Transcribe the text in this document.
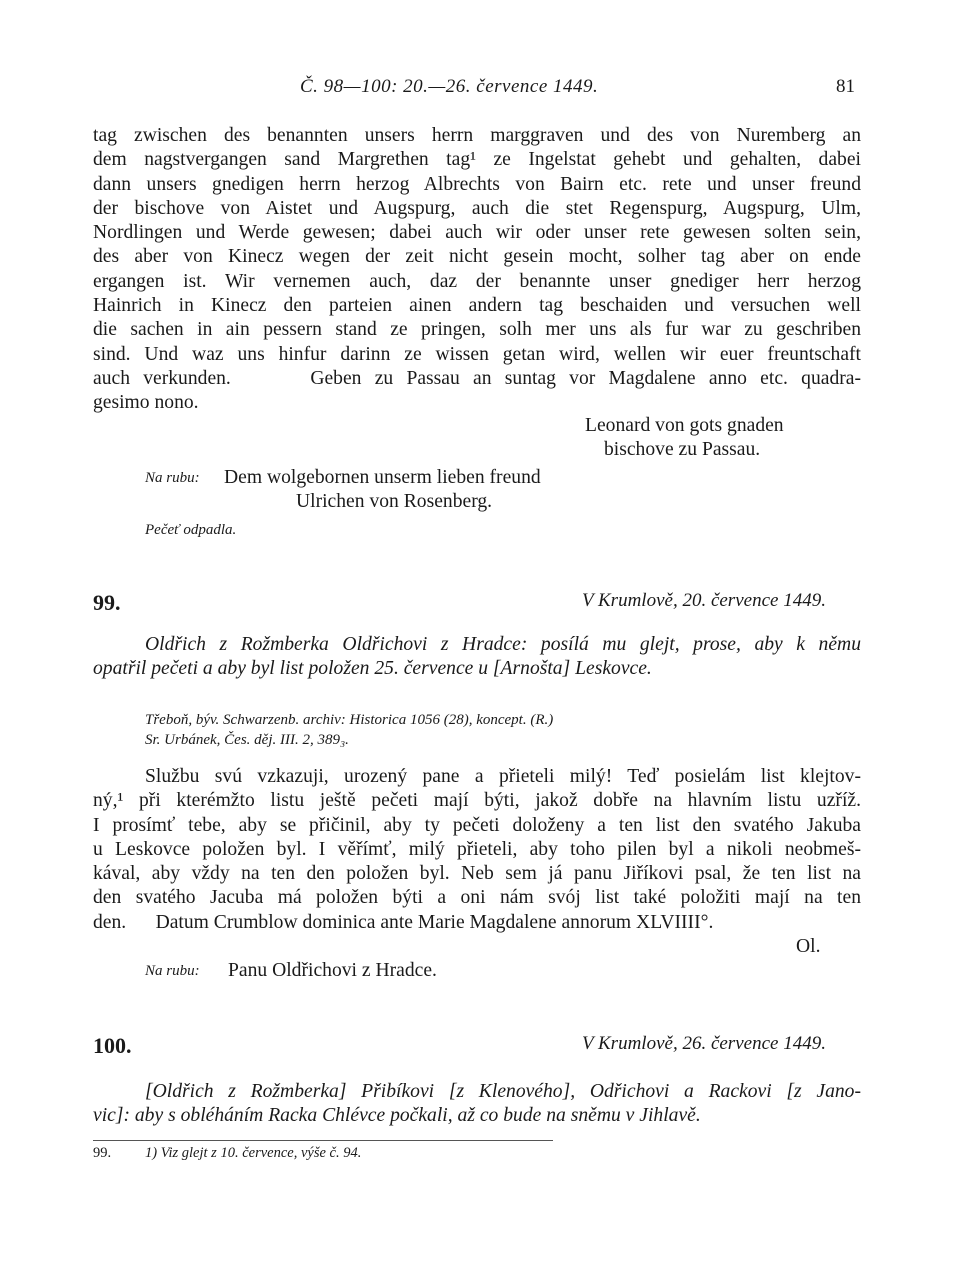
Č. 98—100: 20.—26. července 1449.	81
tag zwischen des benannten unsers herrn marggraven und des von Nuremberg an
dem nagstvergangen sand Margrethen tag¹ ze Ingelstat gehebt und gehalten, dabei
dann unsers gnedigen herrn herzog Albrechts von Bairn etc. rete und unser freund
der bischove von Aistet und Augspurg, auch die stet Regenspurg, Augspurg, Ulm,
Nordlingen und Werde gewesen; dabei auch wir oder unser rete gewesen solten sein,
des aber von Kinecz wegen der zeit nicht gesein mocht, solher tag aber on ende
ergangen ist. Wir vernemen auch, daz der benannte unser gnediger herr herzog
Hainrich in Kinecz den parteien ainen andern tag beschaiden und versuchen well
die sachen in ain pessern stand ze pringen, solh mer uns als fur war zu geschriben
sind. Und waz uns hinfur darinn ze wissen getan wird, wellen wir euer freuntschaft
auch verkunden.      Geben zu Passau an suntag vor Magdalene anno etc. quadra-
gesimo nono.
Leonard von gots gnaden
bischove zu Passau.
Na rubu: Dem wolgebornen unserm lieben freund
Ulrichen von Rosenberg.
Pečeť odpadla.
99.	V Krumlově, 20. července 1449.
Oldřich z Rožmberka Oldřichovi z Hradce: posílá mu glejt, prose, aby k němu
opatřil pečeti a aby byl list položen 25. července u [Arnošta] Leskovce.
Třeboň, býv. Schwarzenb. archiv: Historica 1056 (28), koncept. (R.)
Sr. Urbánek, Čes. děj. III. 2, 389₃.
Službu svú vzkazuji, urozený pane a přieteli milý! Teď posielám list klejtov-
ný,¹ při kterémžto listu ještě pečeti mají býti, jakož dobře na hlavním listu uzříž.
I prosímť tebe, aby se přičinil, aby ty pečeti doloženy a ten list den svatého Jakuba
u Leskovce položen byl. I věřímť, milý přieteli, aby toho pilen byl a nikoli neobmeš-
kával, aby vždy na ten den položen byl. Neb sem já panu Jiříkovi psal, že ten list na
den svatého Jacuba má položen býti a oni nám svój list také položiti mají na ten
den.      Datum Crumblow dominica ante Marie Magdalene annorum XLVIIII°.
Ol.
Na rubu: Panu Oldřichovi z Hradce.
100.	V Krumlově, 26. července 1449.
[Oldřich z Rožmberka] Přibíkovi [z Klenového], Odřichovi a Rackovi [z Jano-
vic]: aby s obléháním Racka Chlévce počkali, až co bude na sněmu v Jihlavě.
99. 1) Viz glejt z 10. července, výše č. 94.
